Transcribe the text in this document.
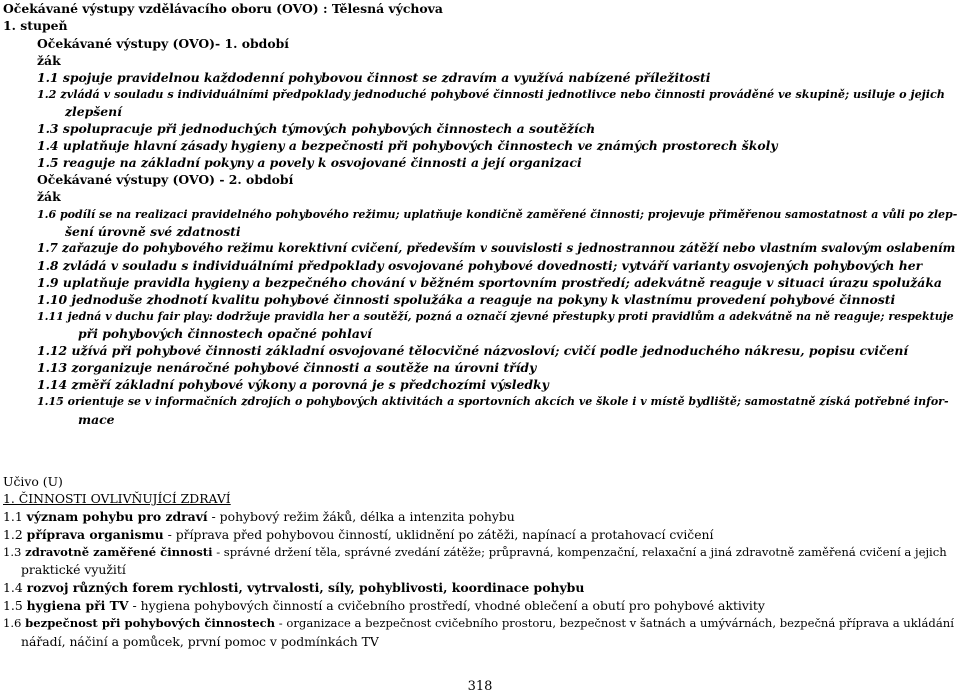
Očekávané výstupy vzdělávacího oboru (OVO) : Tělesná výchova
1. stupeň
Očekávané výstupy (OVO)- 1. období
žák
1.1 spojuje pravidelnou každodenní pohybovou činnost se zdravím a využívá nabízené příležitosti
1.2 zvládá v souladu s individuálními předpoklady jednoduché pohybové činnosti jednotlivce nebo činnosti prováděné ve skupině; usiluje o jejich
zlepšení
1.3 spolupracuje při jednoduchých týmových pohybových činnostech a soutěžích
1.4 uplatňuje hlavní zásady hygieny a bezpečnosti při pohybových činnostech ve známých prostorech školy
1.5 reaguje na základní pokyny a povely k osvojované činnosti a její organizaci
Očekávané výstupy (OVO) - 2. období
žák
1.6 podílí se na realizaci pravidelného pohybového režimu; uplatňuje kondičně zaměřené činnosti; projevuje přiměřenou samostatnost a vůli po zlep-
šení úrovně své zdatnosti
1.7 zařazuje do pohybového režimu korektivní cvičení, především v souvislosti s jednostrannou zátěží nebo vlastním svalovým oslabením
1.8 zvládá v souladu s individuálními předpoklady osvojované pohybové dovednosti; vytváří varianty osvojených pohybových her
1.9 uplatňuje pravidla hygieny a bezpečného chování v běžném sportovním prostředí; adekvátně reaguje v situaci úrazu spolužáka
1.10 jednoduše zhodnotí kvalitu pohybové činnosti spolužáka a reaguje na pokyny k vlastnímu provedení pohybové činnosti
1.11 jedná v duchu fair play: dodržuje pravidla her a soutěží, pozná a označí zjevné přestupky proti pravidlům a adekvátně na ně reaguje; respektuje
při pohybových činnostech opačné pohlaví
1.12 užívá při pohybové činnosti základní osvojované tělocvičné názvosloví; cvičí podle jednoduchého nákresu, popisu cvičení
1.13 zorganizuje nenáročné pohybové činnosti a soutěže na úrovni třídy
1.14 změří základní pohybové výkony a porovná je s předchozími výsledky
1.15 orientuje se v informačních zdrojích o pohybových aktivitách a sportovních akcích ve škole i v místě bydliště; samostatně získá potřebné infor-
mace
Učivo (U)
1. ČINNOSTI OVLIVŇUJÍCÍ ZDRAVÍ
1.1 význam pohybu pro zdraví - pohybový režim žáků, délka a intenzita pohybu
1.2 příprava organismu - příprava před pohybovou činností, uklidnění po zátěži, napínací a protahovací cvičení
1.3 zdravotně zaměřené činnosti - správné držení těla, správné zvedání zátěže; průpravná, kompenzační, relaxační a jiná zdravotně zaměřená cvičení a jejich
praktické využití
1.4 rozvoj různých forem rychlosti, vytrvalosti, síly, pohyblivosti, koordinace pohybu
1.5 hygiena při TV - hygiena pohybových činností a cvičebního prostředí, vhodné oblečení a obutí pro pohybové aktivity
1.6 bezpečnost při pohybových činnostech - organizace a bezpečnost cvičebního prostoru, bezpečnost v šatnách a umývárnách, bezpečná příprava a ukládání
nářadí, náčiní a pomůcek, první pomoc v podmínkách TV
318
